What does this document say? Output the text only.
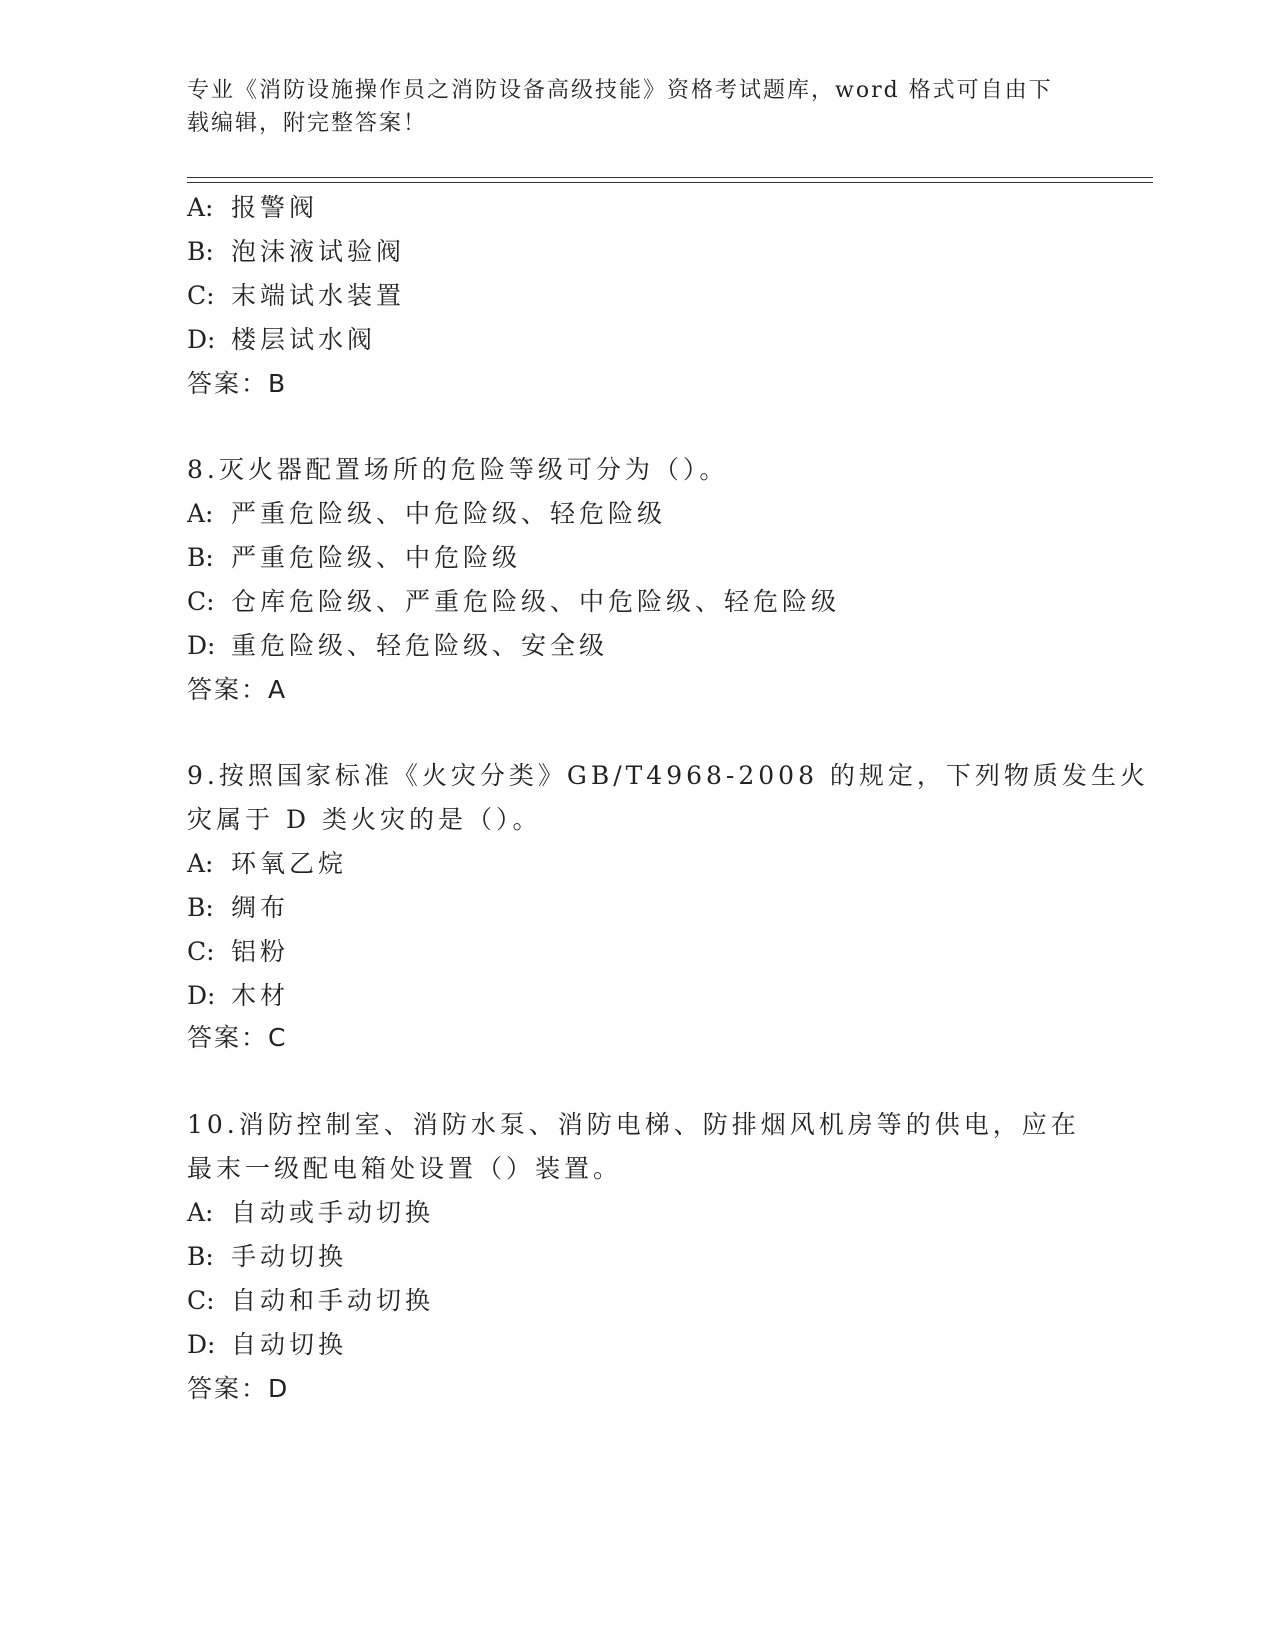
专业《消防设施操作员之消防设备高级技能》资格考试题库，word 格式可自由下
载编辑，附完整答案！
A: 报警阀
B: 泡沫液试验阀
C: 末端试水装置
D: 楼层试水阀
答案：B
8.灭火器配置场所的危险等级可分为（）。
A: 严重危险级、中危险级、轻危险级
B: 严重危险级、中危险级
C: 仓库危险级、严重危险级、中危险级、轻危险级
D: 重危险级、轻危险级、安全级
答案：A
9.按照国家标准《火灾分类》GB/T4968-2008 的规定，下列物质发生火
灾属于 D 类火灾的是（）。
A: 环氧乙烷
B: 绸布
C: 铝粉
D: 木材
答案：C
10.消防控制室、消防水泵、消防电梯、防排烟风机房等的供电，应在
最末一级配电箱处设置（）装置。
A: 自动或手动切换
B: 手动切换
C: 自动和手动切换
D: 自动切换
答案：D
